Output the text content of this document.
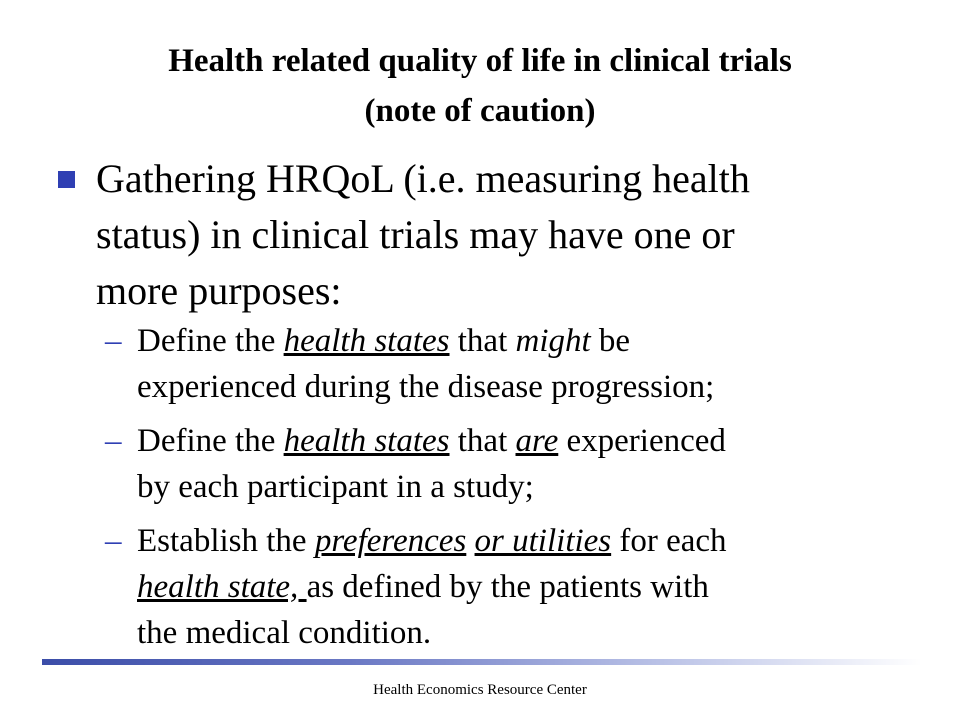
Health related quality of life in clinical trials
(note of caution)
Gathering HRQoL (i.e. measuring health
status) in clinical trials may have one or
more purposes:
– Define the health states that might be
experienced during the disease progression;
– Define the health states that are experienced
by each participant in a study;
– Establish the preferences or utilities for each
health state, as defined by the patients with
the medical condition.
Health Economics Resource Center
